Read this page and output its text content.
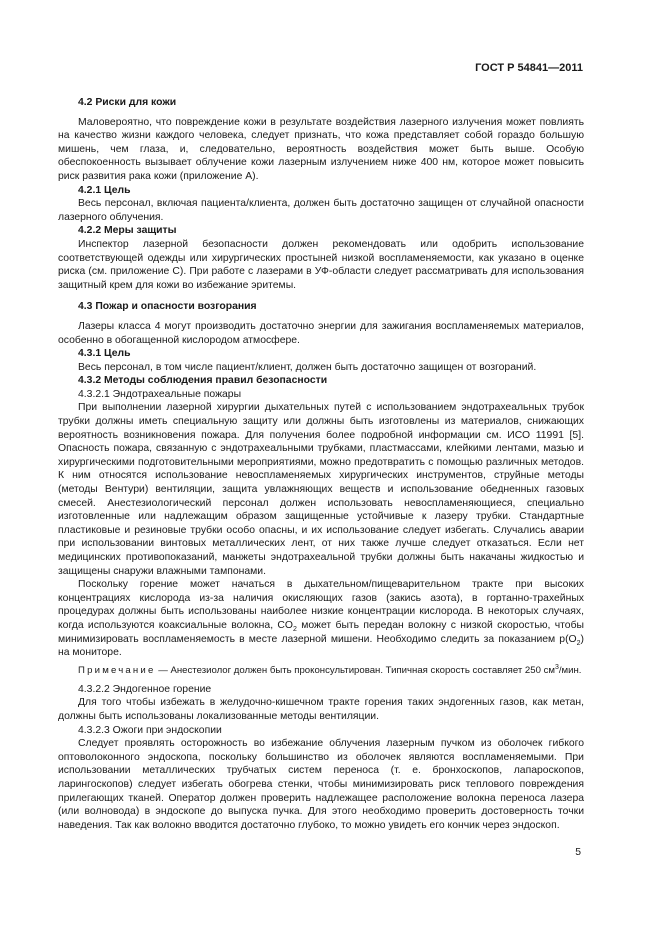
ГОСТ Р 54841—2011
4.2 Риски для кожи

Маловероятно, что повреждение кожи в результате воздействия лазерного излучения может повлиять на качество жизни каждого человека, следует признать, что кожа представляет собой гораздо большую мишень, чем глаза, и, следовательно, вероятность воздействия может быть выше. Особую обеспокоенность вызывает облучение кожи лазерным излучением ниже 400 нм, которое может повысить риск развития рака кожи (приложение А).

4.2.1 Цель

Весь персонал, включая пациента/клиента, должен быть достаточно защищен от случайной опасности лазерного облучения.

4.2.2 Меры защиты

Инспектор лазерной безопасности должен рекомендовать или одобрить использование соответствующей одежды или хирургических простыней низкой воспламеняемости, как указано в оценке риска (см. приложение С). При работе с лазерами в УФ-области следует рассматривать для использования защитный крем для кожи во избежание эритемы.

4.3 Пожар и опасности возгорания

Лазеры класса 4 могут производить достаточно энергии для зажигания воспламеняемых материалов, особенно в обогащенной кислородом атмосфере.

4.3.1 Цель

Весь персонал, в том числе пациент/клиент, должен быть достаточно защищен от возгораний.

4.3.2 Методы соблюдения правил безопасности
4.3.2.1 Эндотрахеальные пожары

При выполнении лазерной хирургии дыхательных путей с использованием эндотрахеальных трубок трубки должны иметь специальную защиту или должны быть изготовлены из материалов, снижающих вероятность возникновения пожара. Для получения более подробной информации см. ИСО 11991 [5]. Опасность пожара, связанную с эндотрахеальными трубками, пластмассами, клейкими лентами, мазью и хирургическими подготовительными мероприятиями, можно предотвратить с помощью различных методов. К ним относятся использование невоспламеняемых хирургических инструментов, струйные методы (методы Вентури) вентиляции, защита увлажняющих веществ и использование обедненных газовых смесей. Анестезиологический персонал должен использовать невоспламеняющиеся, специально изготовленные или надлежащим образом защищенные устойчивые к лазеру трубки. Стандартные пластиковые и резиновые трубки особо опасны, и их использование следует избегать. Случались аварии при использовании винтовых металлических лент, от них также лучше следует отказаться. Если нет медицинских противопоказаний, манжеты эндотрахеальной трубки должны быть накачаны жидкостью и защищены снаружи влажными тампонами.

Поскольку горение может начаться в дыхательном/пищеварительном тракте при высоких концентрациях кислорода из-за наличия окисляющих газов (закись азота), в гортанно-трахейных процедурах должны быть использованы наиболее низкие концентрации кислорода. В некоторых случаях, когда используются коаксиальные волокна, $CO_2$ может быть передан волокну с низкой скоростью, чтобы минимизировать воспламеняемость в месте лазерной мишени. Необходимо следить за показанием $p(O_2)$ на мониторе.

Примечание — Анестезиолог должен быть проконсультирован. Типичная скорость составляет 250 $см^3$/мин.
4.3.2.2 Эндогенное горение

Для того чтобы избежать в желудочно-кишечном тракте горения таких эндогенных газов, как метан, должны быть использованы локализованные методы вентиляции.

4.3.2.3 Ожоги при эндоскопии

Следует проявлять осторожность во избежание облучения лазерным пучком из оболочек гибкого оптоволоконного эндоскопа, поскольку большинство из оболочек являются воспламеняемыми. При использовании металлических трубчатых систем переноса (т. е. бронхоскопов, лапароскопов, ларингоскопов) следует избегать обогрева стенки, чтобы минимизировать риск теплового повреждения прилегающих тканей. Оператор должен проверить надлежащее расположение волокна переноса лазера (или волновода) в эндоскопе до выпуска пучка. Для этого необходимо проверить достоверность точки наведения. Так как волокно вводится достаточно глубоко, то можно увидеть его кончик через эндоскоп.

5
